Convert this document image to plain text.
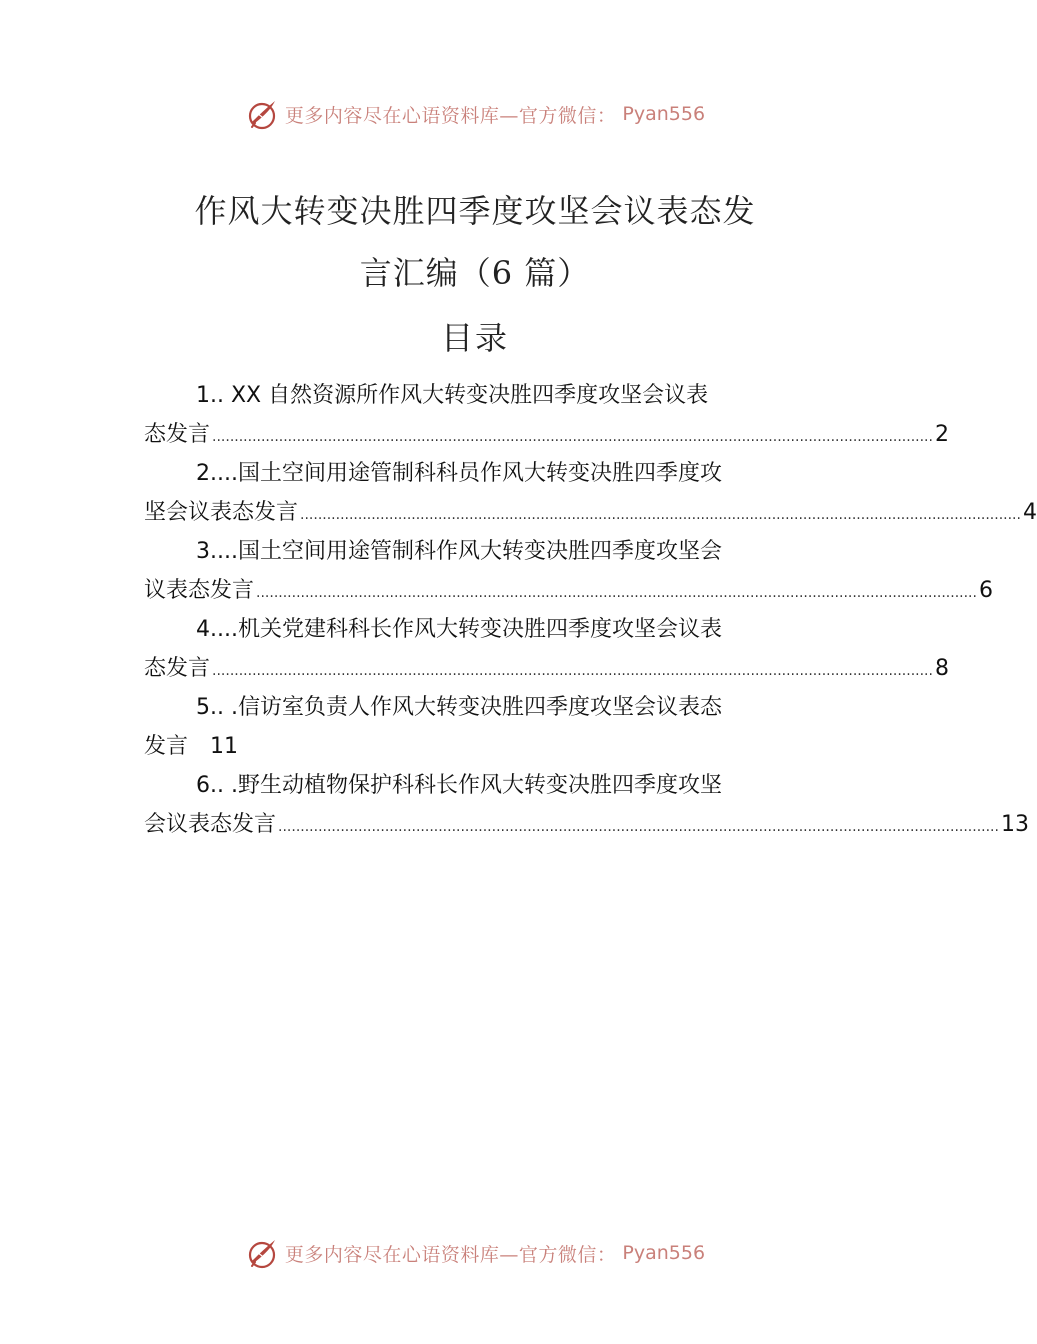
更多内容尽在心语资料库—官方微信： Pyan556
作风大转变决胜四季度攻坚会议表态发
言汇编（6 篇）
目录
1.. XX 自然资源所作风大转变决胜四季度攻坚会议表
态发言 .................................................................................................................................................................. 2
2....国土空间用途管制科科员作风大转变决胜四季度攻
坚会议表态发言 .................................................................................................................................................................. 4
3....国土空间用途管制科作风大转变决胜四季度攻坚会
议表态发言 .................................................................................................................................................................. 6
4....机关党建科科长作风大转变决胜四季度攻坚会议表
态发言 .................................................................................................................................................................. 8
5.. .信访室负责人作风大转变决胜四季度攻坚会议表态
发言 11
6.. .野生动植物保护科科长作风大转变决胜四季度攻坚
会议表态发言 .................................................................................................................................................................. 13
更多内容尽在心语资料库—官方微信： Pyan556
